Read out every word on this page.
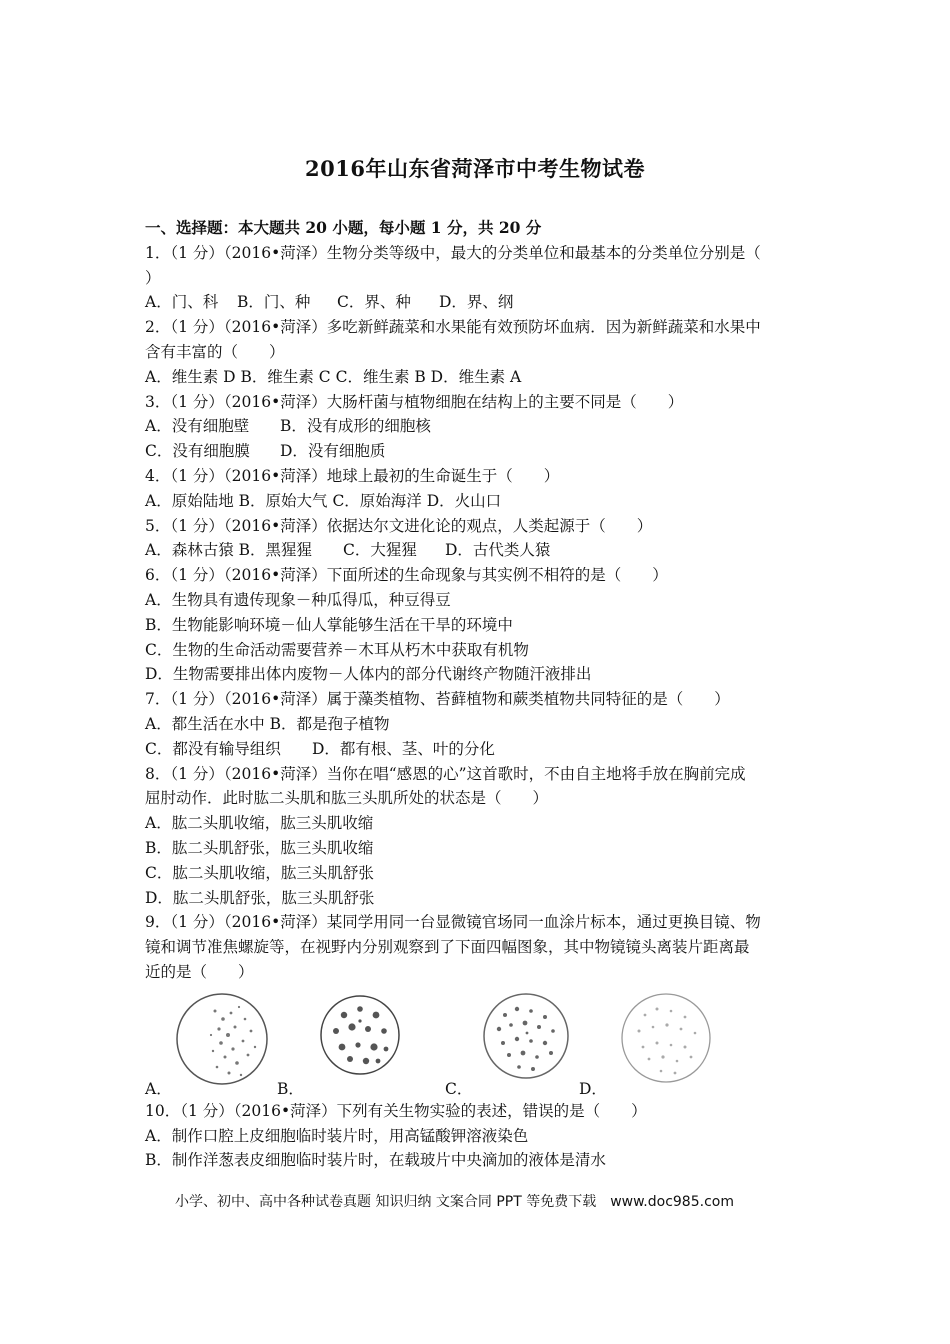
2016年山东省菏泽市中考生物试卷
一、选择题：本大题共 20 小题，每小题 1 分，共 20 分
1．（1 分）（2016•菏泽）生物分类等级中，最大的分类单位和最基本的分类单位分别是（
）
A．门、科 B．门、种 C．界、种 D．界、纲
2．（1 分）（2016•菏泽）多吃新鲜蔬菜和水果能有效预防坏血病．因为新鲜蔬菜和水果中
含有丰富的（　　）
A．维生素 D B．维生素 C C．维生素 B D．维生素 A
3．（1 分）（2016•菏泽）大肠杆菌与植物细胞在结构上的主要不同是（　　）
A．没有细胞壁 B．没有成形的细胞核
C．没有细胞膜 D．没有细胞质
4．（1 分）（2016•菏泽）地球上最初的生命诞生于（　　）
A．原始陆地 B．原始大气 C．原始海洋 D．火山口
5．（1 分）（2016•菏泽）依据达尔文进化论的观点，人类起源于（　　）
A．森林古猿 B．黑猩猩 C．大猩猩 D．古代类人猿
6．（1 分）（2016•菏泽）下面所述的生命现象与其实例不相符的是（　　）
A．生物具有遗传现象－种瓜得瓜，种豆得豆
B．生物能影响环境－仙人掌能够生活在干旱的环境中
C．生物的生命活动需要营养－木耳从朽木中获取有机物
D．生物需要排出体内废物－人体内的部分代谢终产物随汗液排出
7．（1 分）（2016•菏泽）属于藻类植物、苔藓植物和蕨类植物共同特征的是（　　）
A．都生活在水中 B．都是孢子植物
C．都没有输导组织 D．都有根、茎、叶的分化
8．（1 分）（2016•菏泽）当你在唱“感恩的心”这首歌时，不由自主地将手放在胸前完成
屈肘动作．此时肱二头肌和肱三头肌所处的状态是（　　）
A．肱二头肌收缩，肱三头肌收缩
B．肱二头肌舒张，肱三头肌收缩
C．肱二头肌收缩，肱三头肌舒张
D．肱二头肌舒张，肱三头肌舒张
9．（1 分）（2016•菏泽）某同学用同一台显微镜官场同一血涂片标本，通过更换目镜、物
镜和调节准焦螺旋等，在视野内分别观察到了下面四幅图象，其中物镜镜头离装片距离最
近的是（　　）
A．	B．	C．	D．
10．（1 分）（2016•菏泽）下列有关生物实验的表述，错误的是（　　）
A．制作口腔上皮细胞临时装片时，用高锰酸钾溶液染色
B．制作洋葱表皮细胞临时装片时，在载玻片中央滴加的液体是清水
小学、初中、高中各种试卷真题 知识归纳 文案合同 PPT 等免费下载　www.doc985.com
